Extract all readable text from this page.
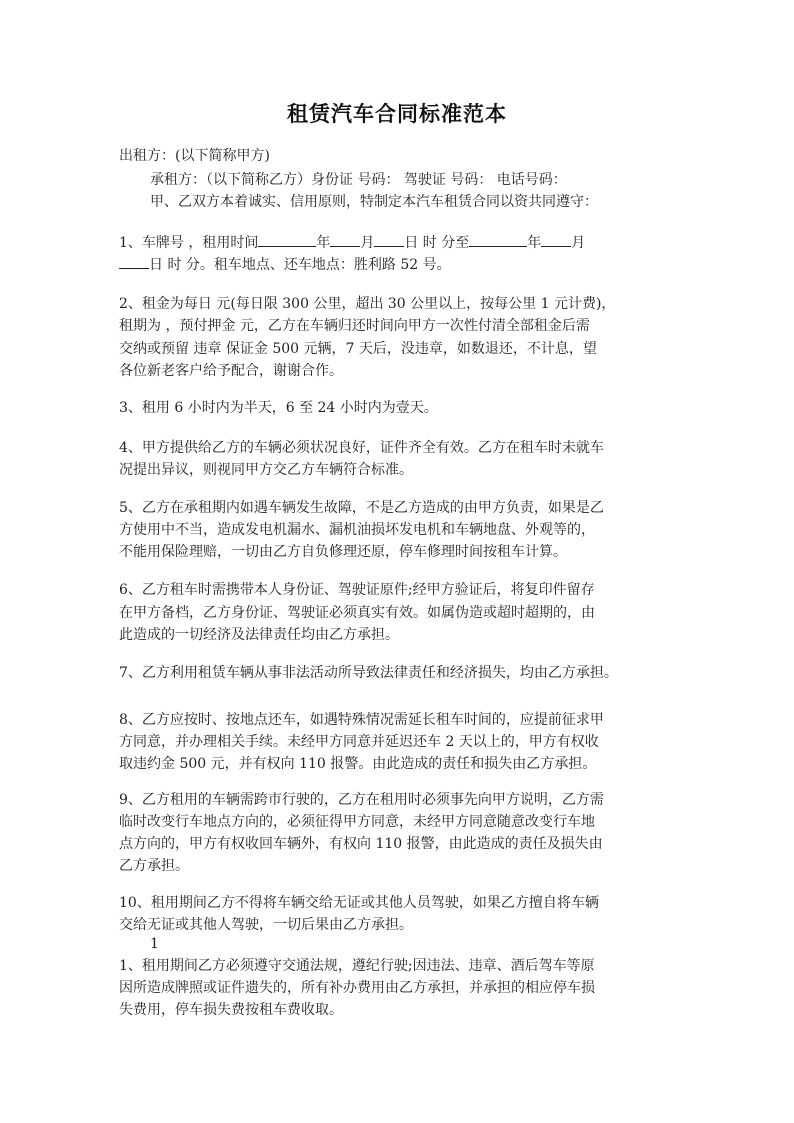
租赁汽车合同标准范本
出租方：(以下简称甲方)
承租方：（以下简称乙方）身份证 号码： 驾驶证 号码： 电话号码：
甲、乙双方本着诚实、信用原则，特制定本汽车租赁合同以资共同遵守：
1、车牌号 ，租用时间	年 月 日 时 分至	年 月
日 时 分。租车地点、还车地点：胜利路 52 号。
2、租金为每日 元(每日限 300 公里，超出 30 公里以上，按每公里 1 元计费)，
租期为 ，预付押金 元，乙方在车辆归还时间向甲方一次性付清全部租金后需
交纳或预留 违章 保证金 500 元辆，7 天后，没违章，如数退还，不计息，望
各位新老客户给予配合，谢谢合作。
3、租用 6 小时内为半天，6 至 24 小时内为壹天。
4、甲方提供给乙方的车辆必须状况良好，证件齐全有效。乙方在租车时未就车
况提出异议，则视同甲方交乙方车辆符合标准。
5、乙方在承租期内如遇车辆发生故障，不是乙方造成的由甲方负责，如果是乙
方使用中不当，造成发电机漏水、漏机油损坏发电机和车辆地盘、外观等的，
不能用保险理赔，一切由乙方自负修理还原，停车修理时间按租车计算。
6、乙方租车时需携带本人身份证、驾驶证原件;经甲方验证后，将复印件留存
在甲方备档，乙方身份证、驾驶证必须真实有效。如属伪造或超时超期的，由
此造成的一切经济及法律责任均由乙方承担。
7、乙方利用租赁车辆从事非法活动所导致法律责任和经济损失，均由乙方承担。
8、乙方应按时、按地点还车，如遇特殊情况需延长租车时间的，应提前征求甲
方同意，并办理相关手续。未经甲方同意并延迟还车 2 天以上的，甲方有权收
取违约金 500 元，并有权向 110 报警。由此造成的责任和损失由乙方承担。
9、乙方租用的车辆需跨市行驶的，乙方在租用时必须事先向甲方说明，乙方需
临时改变行车地点方向的，必须征得甲方同意，未经甲方同意随意改变行车地
点方向的，甲方有权收回车辆外，有权向 110 报警，由此造成的责任及损失由
乙方承担。
10、租用期间乙方不得将车辆交给无证或其他人员驾驶，如果乙方擅自将车辆
交给无证或其他人驾驶，一切后果由乙方承担。
1
1、租用期间乙方必须遵守交通法规，遵纪行驶;因违法、违章、酒后驾车等原
因所造成牌照或证件遗失的，所有补办费用由乙方承担，并承担的相应停车损
失费用，停车损失费按租车费收取。
